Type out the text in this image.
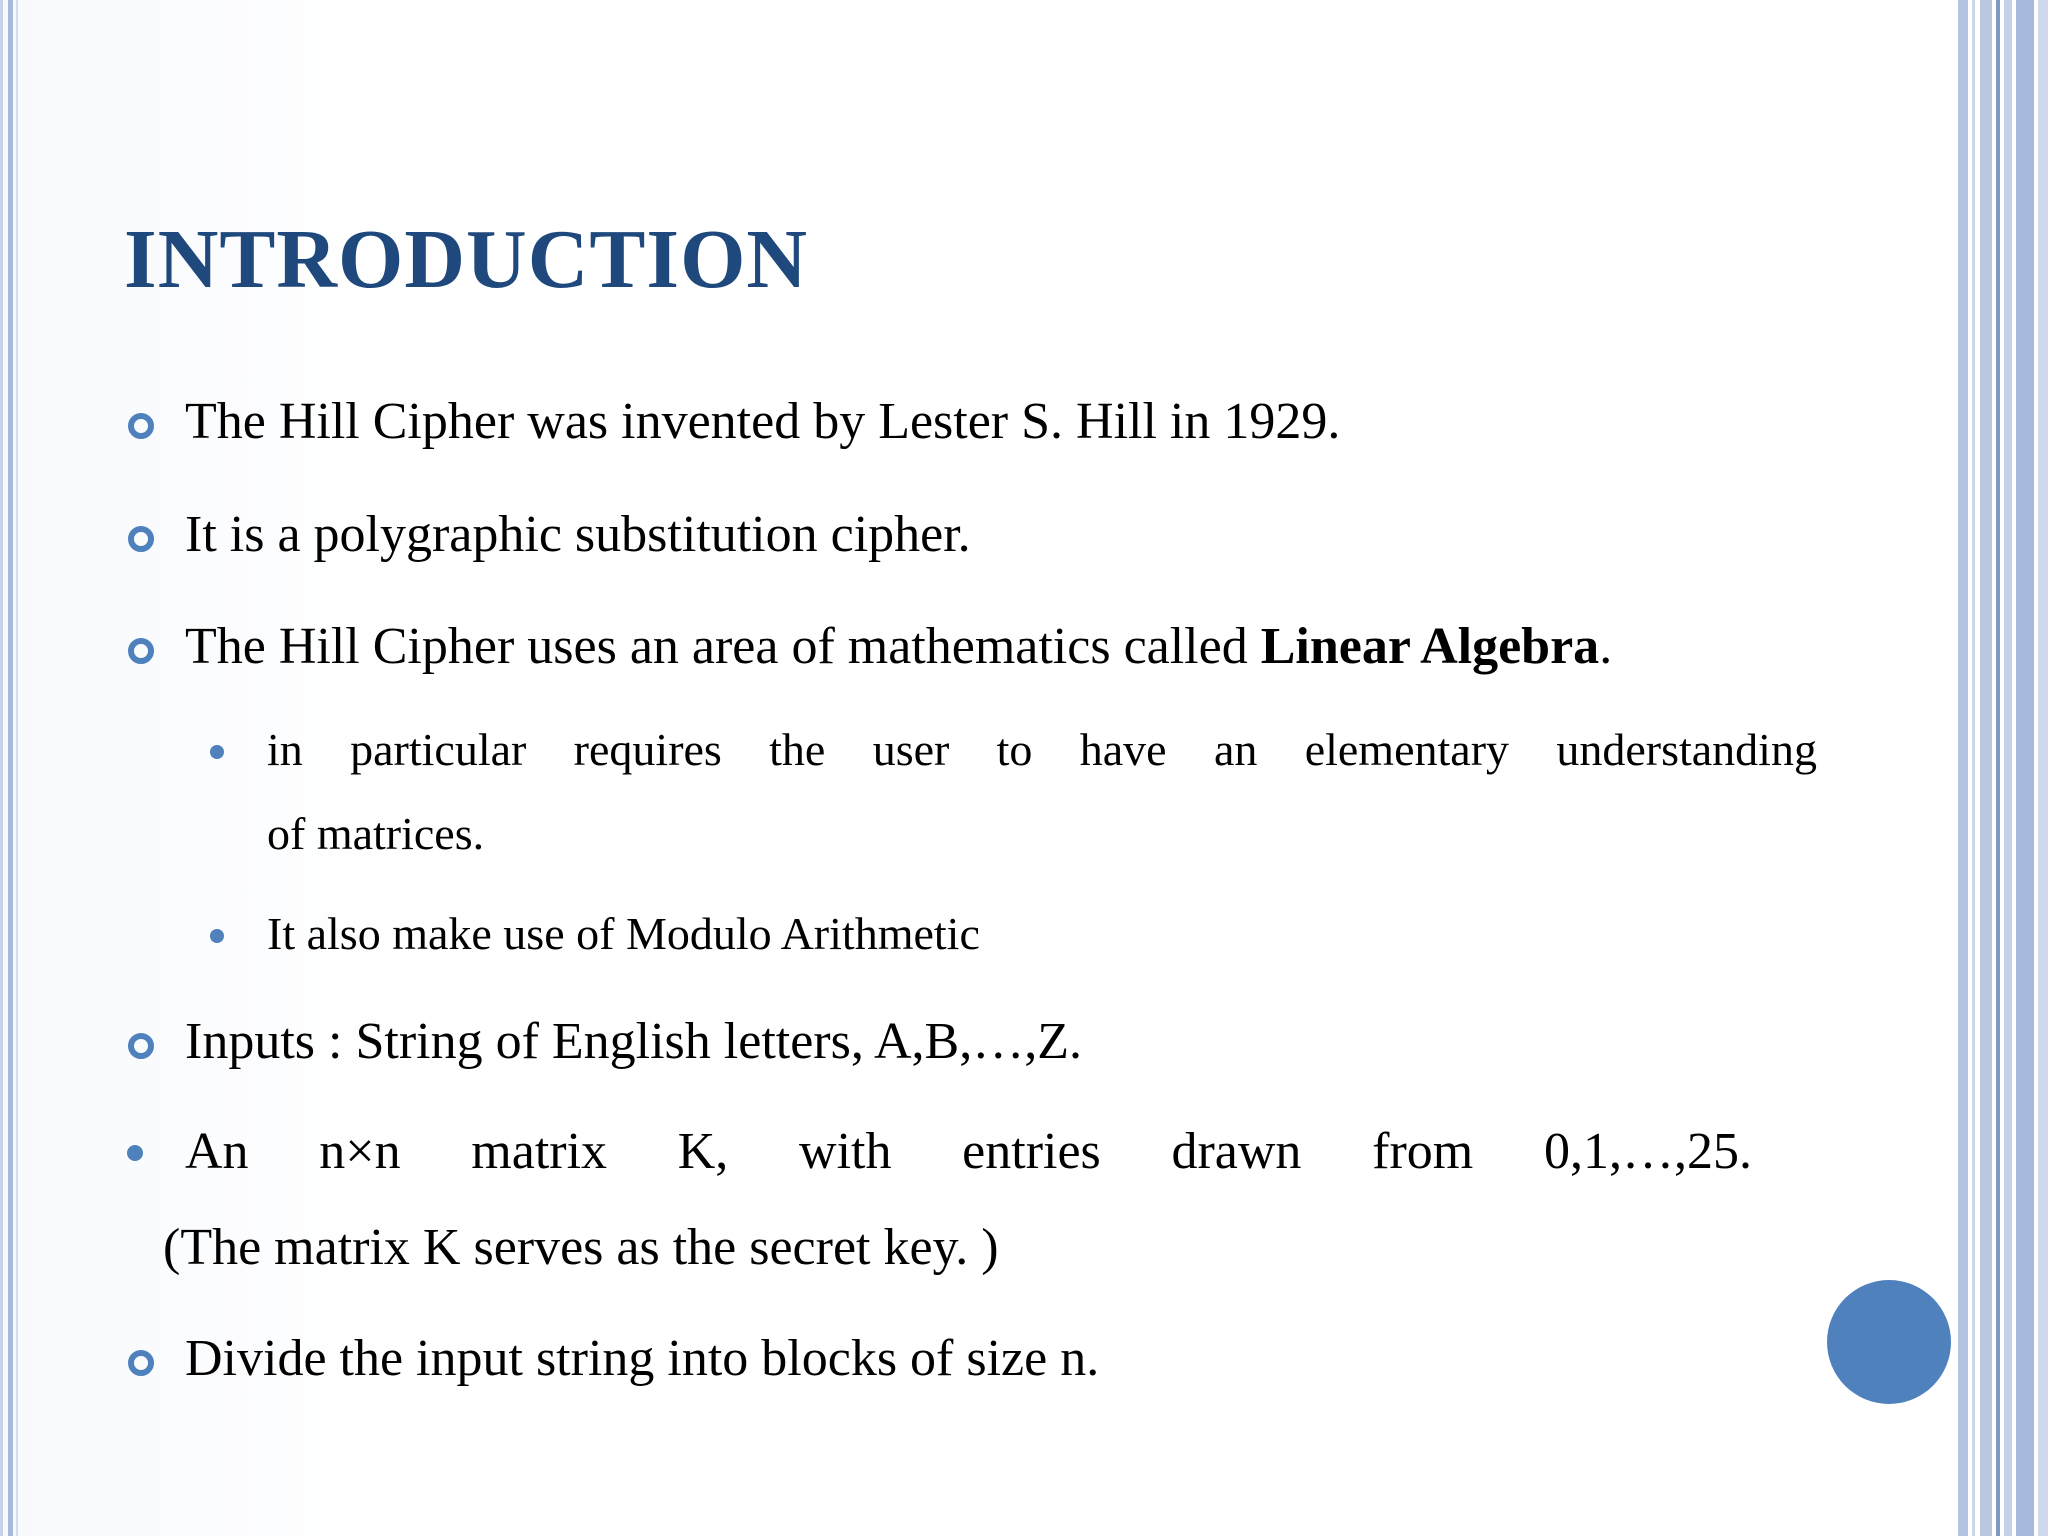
INTRODUCTION
The Hill Cipher was invented by Lester S. Hill in 1929.
It is a polygraphic substitution cipher.
The Hill Cipher uses an area of mathematics called Linear Algebra.
in particular requires the user to have an elementary understanding
of matrices.
It also make use of Modulo Arithmetic
Inputs : String of English letters, A,B,…,Z.
An n×n matrix K, with entries drawn from 0,1,…,25.
(The matrix K serves as the secret key. )
Divide the input string into blocks of size n.
